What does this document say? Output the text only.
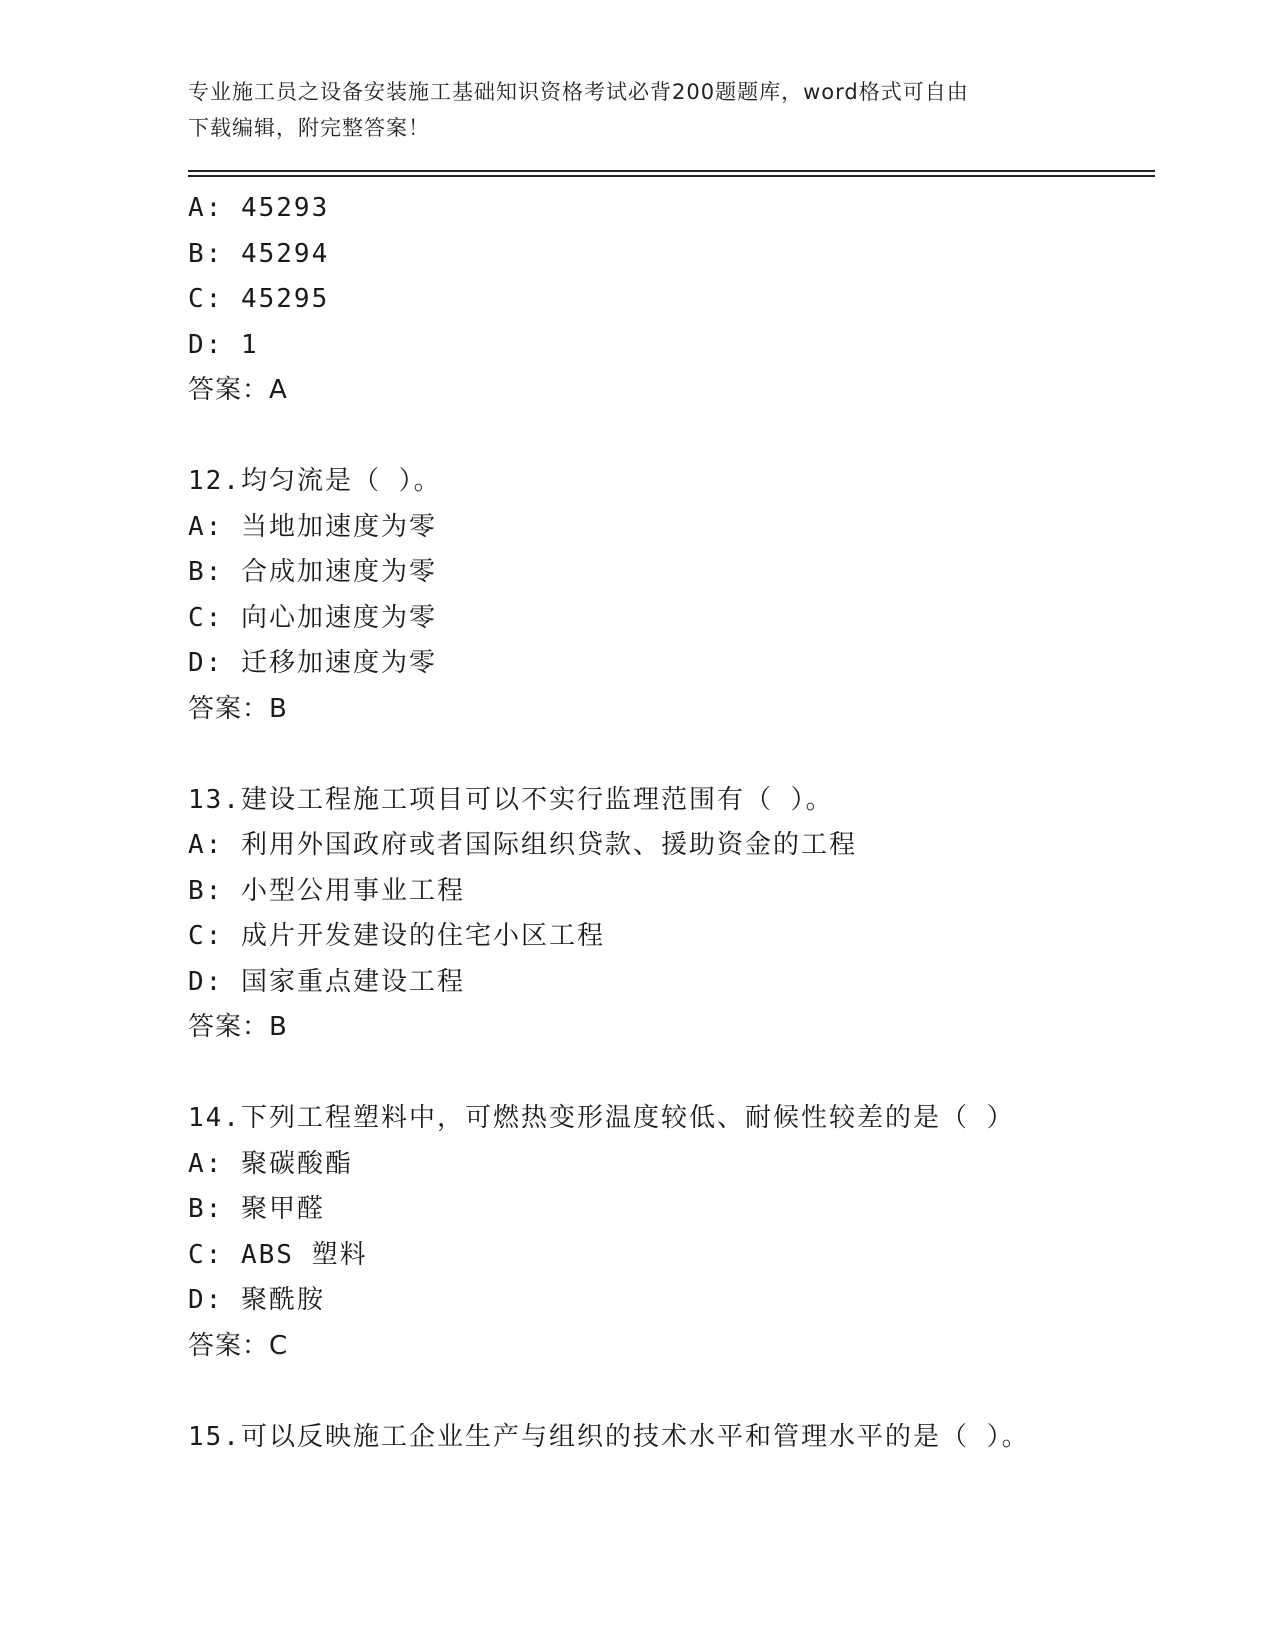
专业施工员之设备安装施工基础知识资格考试必背200题题库，word格式可自由
下载编辑，附完整答案！
A: 45293
B: 45294
C: 45295
D: 1
答案：A
12.均匀流是（ ）。
A: 当地加速度为零
B: 合成加速度为零
C: 向心加速度为零
D: 迁移加速度为零
答案：B
13.建设工程施工项目可以不实行监理范围有（ ）。
A: 利用外国政府或者国际组织贷款、援助资金的工程
B: 小型公用事业工程
C: 成片开发建设的住宅小区工程
D: 国家重点建设工程
答案：B
14.下列工程塑料中，可燃热变形温度较低、耐候性较差的是（ ）
A: 聚碳酸酯
B: 聚甲醛
C: ABS 塑料
D: 聚酰胺
答案：C
15.可以反映施工企业生产与组织的技术水平和管理水平的是（ ）。
